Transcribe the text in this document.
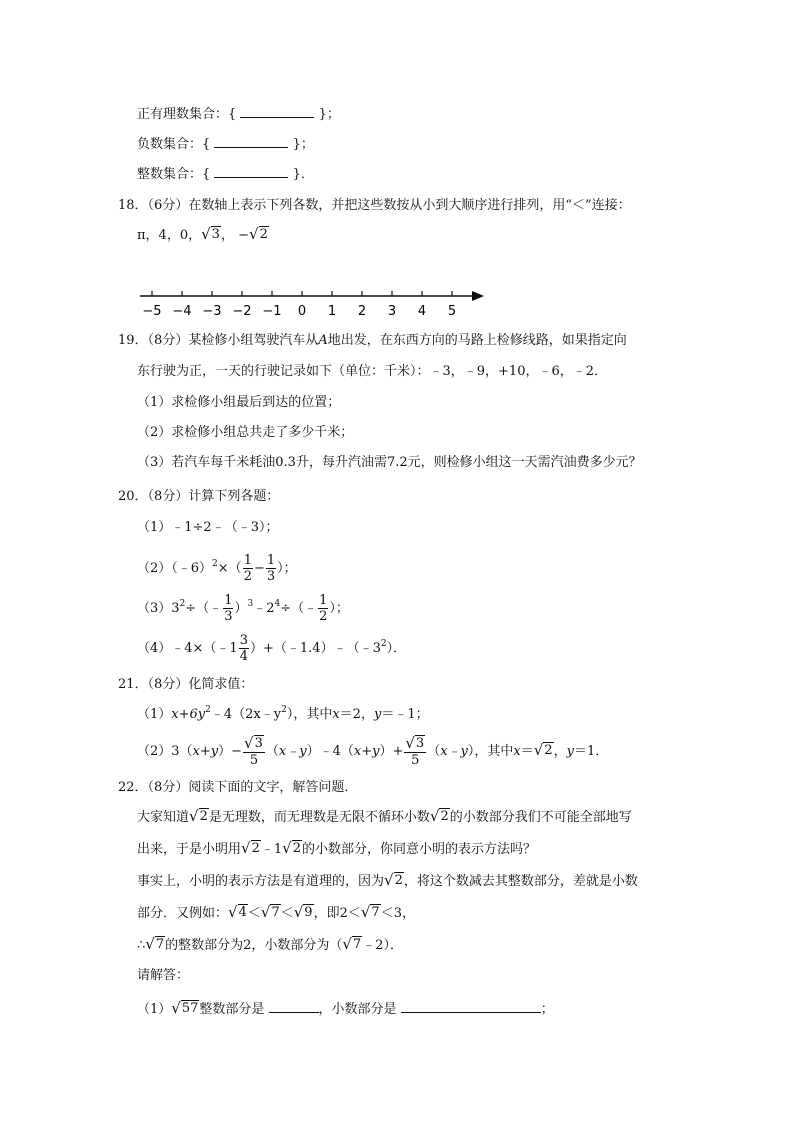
正有理数集合：{	}；
负数集合：{	}；
整数集合：{	}．
18．（6分）在数轴上表示下列各数，并把这些数按从小到大顺序进行排列，用“＜”连接：
π，4，0， √ 3 ， − √ 2
−5 −4 −3 −2 −1 0 1 2 3 4 5
19．（8分）某检修小组驾驶汽车从A地出发，在东西方向的马路上检修线路，如果指定向
东行驶为正，一天的行驶记录如下（单位：千米）：﹣3，﹣9，+10，﹣6，﹣2．
（1）求检修小组最后到达的位置；
（2）求检修小组总共走了多少千米；
（3）若汽车每千米耗油0.3升，每升汽油需7.2元，则检修小组这一天需汽油费多少元？
20．（8分）计算下列各题：
（1）﹣1÷2﹣（﹣3）；
（2）（﹣6）$^2$×（ $\frac{1}{2} - \frac{1}{3}$ ）；
$(3)3^2\div(﹣ \frac{1}{3}$ ）$^3﹣2^4\div(﹣ \frac{1}{2}$ ）；
（4）﹣4×（﹣1 $\frac{3}{4}$ ）$+(﹣1.4)﹣(﹣3^2)$．
21．（8分）化简求值：
$(1)x+6y^2﹣4(2x﹣y^2)$，其中x＝2，y＝﹣1；
$(2)3(x+y)- \frac{√ 3}{5}$ （x﹣y）﹣4（x+y）+ $\frac{√ 3}{5}$ （x﹣y），其中x＝ √ 2 ，y＝1．
22．（8分）阅读下面的文字，解答问题．
大家知道 √ 2 是无理数，而无理数是无限不循环小数 √ 2 的小数部分我们不可能全部地写
出来，于是小明用 √ 2 ﹣1 √ 2 的小数部分，你同意小明的表示方法吗？
事实上，小明的表示方法是有道理的，因为 √ 2 ，将这个数减去其整数部分，差就是小数
部分．又例如： √ 4 ＜ √ 7 ＜ √ 9 ，即2＜ √ 7 ＜3，
∴ √ 7 的整数部分为2，小数部分为（ √ 7 ﹣2）．
请解答：
（1） √ 57 整数部分是	，小数部分是	；
